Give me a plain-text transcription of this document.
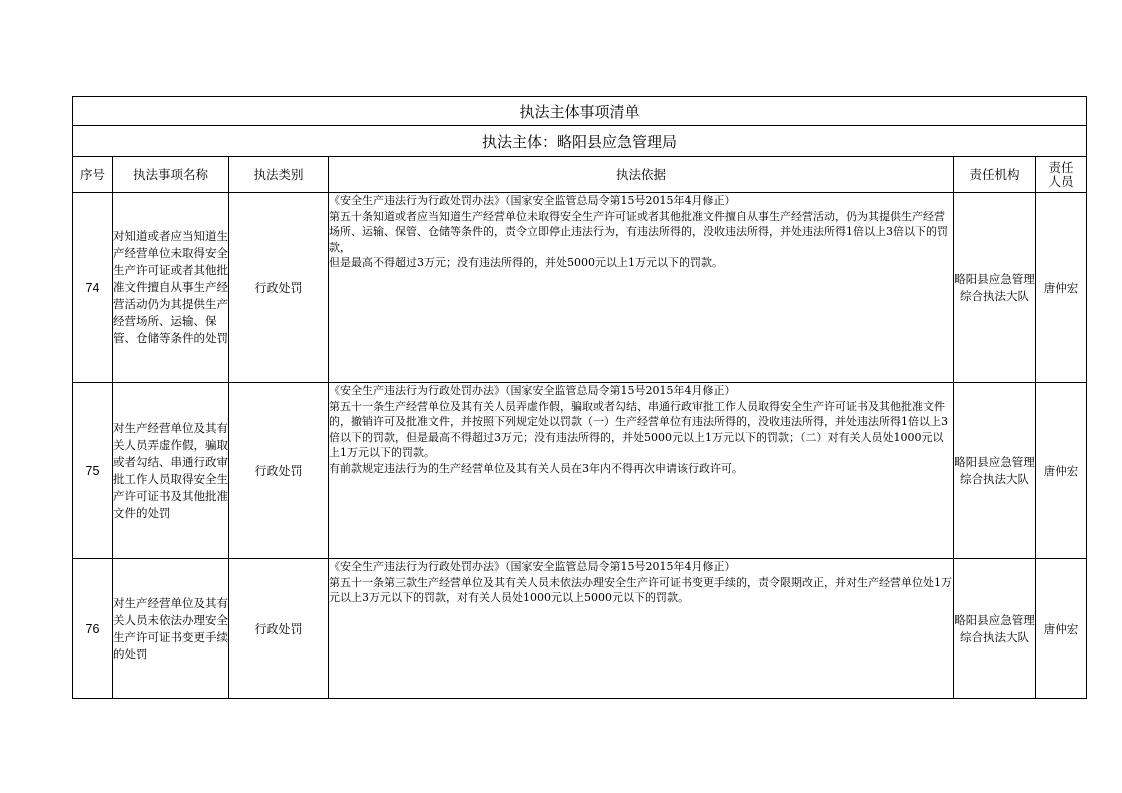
执法主体事项清单					
执法主体：略阳县应急管理局					
序号	执法事项名称	执法类别	执法依据	责任机构	责任人员
74	对知道或者应当知道生产经营单位未取得安全生产许可证或者其他批准文件擅自从事生产经营活动仍为其提供生产经营场所、运输、保管、仓储等条件的处罚	行政处罚	《安全生产违法行为行政处罚办法》（国家安全监管总局令第15号2015年4月修正）
第五十条知道或者应当知道生产经营单位未取得安全生产许可证或者其他批准文件擅自从事生产经营活动，仍为其提供生产经营场所、运输、保管、仓储等条件的，责令立即停止违法行为，有违法所得的，没收违法所得，并处违法所得1倍以上3倍以下的罚款，
但是最高不得超过3万元；没有违法所得的，并处5000元以上1万元以下的罚款。	略阳县应急管理综合执法大队	唐仲宏
75	对生产经营单位及其有关人员弄虚作假，骗取或者勾结、串通行政审批工作人员取得安全生产许可证书及其他批准文件的处罚	行政处罚	《安全生产违法行为行政处罚办法》（国家安全监管总局令第15号2015年4月修正）
第五十一条生产经营单位及其有关人员弄虚作假，骗取或者勾结、串通行政审批工作人员取得安全生产许可证书及其他批准文件的，撤销许可及批准文件，并按照下列规定处以罚款（一）生产经营单位有违法所得的，没收违法所得，并处违法所得1倍以上3倍以下的罚款，但是最高不得超过3万元；没有违法所得的，并处5000元以上1万元以下的罚款；（二）对有关人员处1000元以上1万元以下的罚款。
有前款规定违法行为的生产经营单位及其有关人员在3年内不得再次申请该行政许可。	略阳县应急管理综合执法大队	唐仲宏
76	对生产经营单位及其有关人员未依法办理安全生产许可证书变更手续的处罚	行政处罚	《安全生产违法行为行政处罚办法》（国家安全监管总局令第15号2015年4月修正）
第五十一条第三款生产经营单位及其有关人员未依法办理安全生产许可证书变更手续的，责令限期改正，并对生产经营单位处1万元以上3万元以下的罚款，对有关人员处1000元以上5000元以下的罚款。	略阳县应急管理综合执法大队	唐仲宏
